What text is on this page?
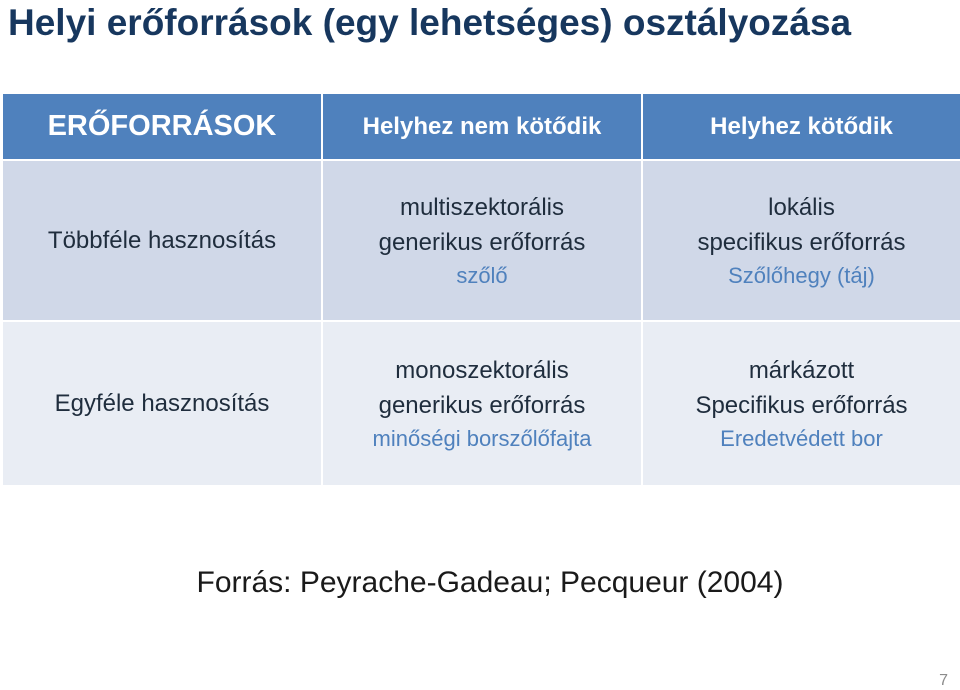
Helyi erőforrások (egy lehetséges) osztályozása
ERŐFORRÁSOK	Helyhez nem kötődik	Helyhez kötődik
Többféle hasznosítás
multiszektorális
generikus erőforrás
szőlő
lokális
specifikus erőforrás
Szőlőhegy (táj)
Egyféle hasznosítás
monoszektorális
generikus erőforrás
minőségi borszőlőfajta
márkázott
Specifikus erőforrás
Eredetvédett bor
Forrás: Peyrache-Gadeau; Pecqueur (2004)
7
